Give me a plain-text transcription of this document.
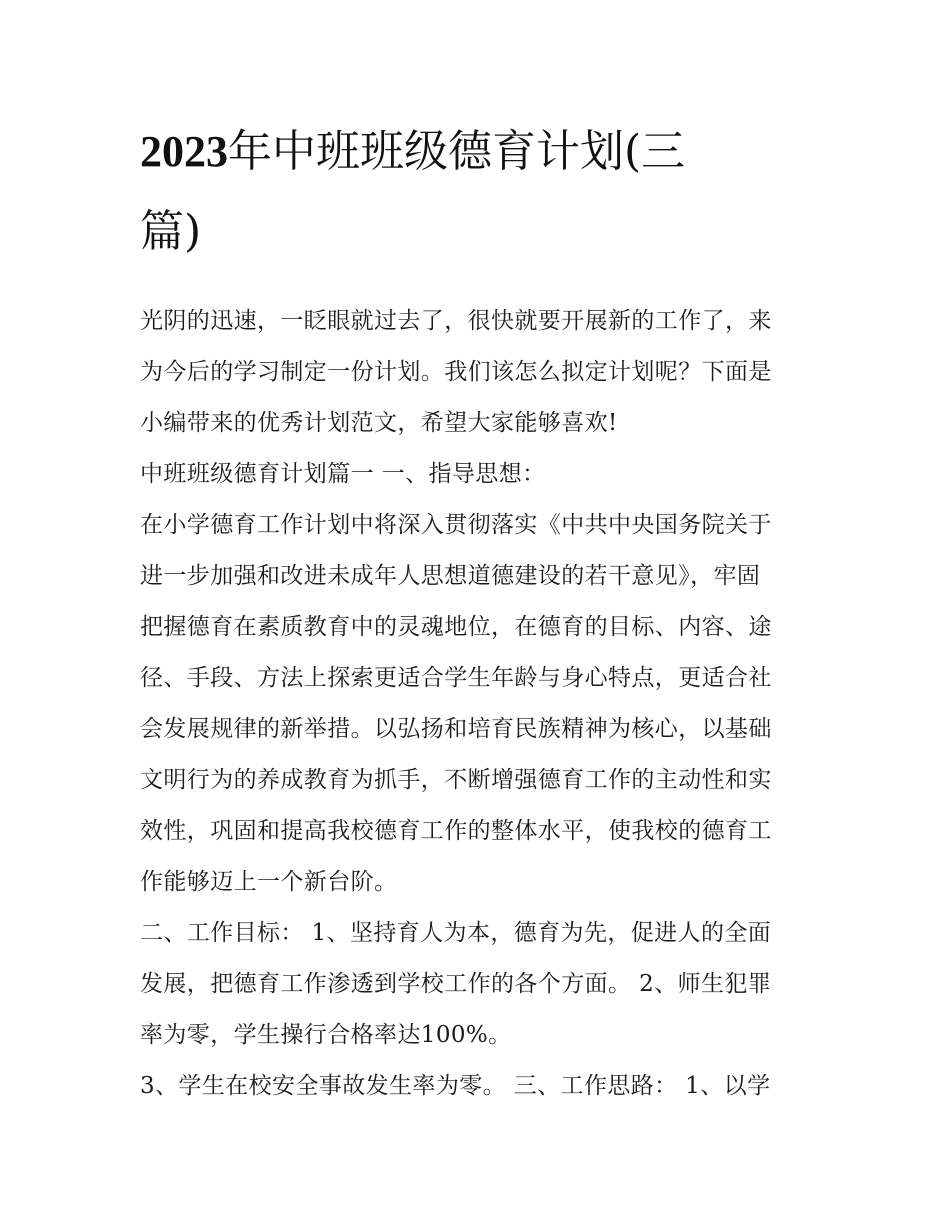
2023年中班班级德育计划(三
篇)

光阴的迅速，一眨眼就过去了，很快就要开展新的工作了，来
为今后的学习制定一份计划。我们该怎么拟定计划呢？下面是
小编带来的优秀计划范文，希望大家能够喜欢!

中班班级德育计划篇一 一、指导思想：

在小学德育工作计划中将深入贯彻落实《中共中央国务院关于
进一步加强和改进未成年人思想道德建设的若干意见》，牢固
把握德育在素质教育中的灵魂地位，在德育的目标、内容、途
径、手段、方法上探索更适合学生年龄与身心特点，更适合社
会发展规律的新举措。以弘扬和培育民族精神为核心，以基础
文明行为的养成教育为抓手，不断增强德育工作的主动性和实
效性，巩固和提高我校德育工作的整体水平，使我校的德育工
作能够迈上一个新台阶。

二、工作目标： 1、坚持育人为本，德育为先，促进人的全面
发展，把德育工作渗透到学校工作的各个方面。 2、师生犯罪
率为零，学生操行合格率达100%。

3、学生在校安全事故发生率为零。 三、工作思路： 1、以学
